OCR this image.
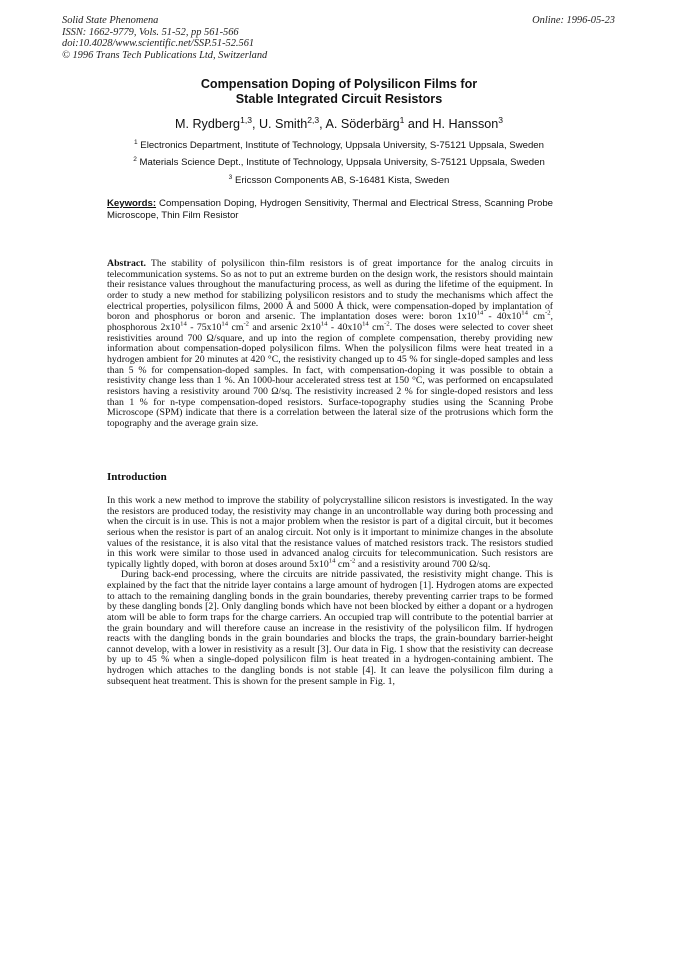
Solid State Phenomena
ISSN: 1662-9779, Vols. 51-52, pp 561-566
doi:10.4028/www.scientific.net/SSP.51-52.561
© 1996 Trans Tech Publications Ltd, Switzerland
Online: 1996-05-23
Compensation Doping of Polysilicon Films for
Stable Integrated Circuit Resistors
M. Rydberg$^{1,3}$, U. Smith$^{2,3}$, A. Söderbärg$^1$ and H. Hansson$^3$
$^1$ Electronics Department, Institute of Technology, Uppsala University, S-75121 Uppsala, Sweden
$^2$ Materials Science Dept., Institute of Technology, Uppsala University, S-75121 Uppsala, Sweden
$^3$ Ericsson Components AB, S-16481 Kista, Sweden
Keywords: Compensation Doping, Hydrogen Sensitivity, Thermal and Electrical Stress, Scanning Probe Microscope, Thin Film Resistor
Abstract. The stability of polysilicon thin-film resistors is of great importance for the analog circuits in telecommunication systems. So as not to put an extreme burden on the design work, the resistors should maintain their resistance values throughout the manufacturing process, as well as during the lifetime of the equipment. In order to study a new method for stabilizing polysilicon resistors and to study the mechanisms which affect the electrical properties, polysilicon films, 2000 Å and 5000 Å thick, were compensation-doped by implantation of boron and phosphorus or boron and arsenic. The implantation doses were: boron $1x10^{14} - 40x10^{14}$ $cm^{-2}$, phosphorous $2x10^{14} - 75x10^{14}$ $cm^{-2}$ and arsenic $2x10^{14} - 40x10^{14}$ $cm^{-2}$. The doses were selected to cover sheet resistivities around 700 Ω/square, and up into the region of complete compensation, thereby providing new information about compensation-doped polysilicon films. When the polysilicon films were heat treated in a hydrogen ambient for 20 minutes at 420 °C, the resistivity changed up to 45 % for single-doped samples and less than 5 % for compensation-doped samples. In fact, with compensation-doping it was possible to obtain a resistivity change less than 1 %. An 1000-hour accelerated stress test at 150 °C, was performed on encapsulated resistors having a resistivity around 700 Ω/sq. The resistivity increased 2 % for single-doped resistors and less than 1 % for n-type compensation-doped resistors. Surface-topography studies using the Scanning Probe Microscope (SPM) indicate that there is a correlation between the lateral size of the protrusions which form the topography and the average grain size.
Introduction

In this work a new method to improve the stability of polycrystalline silicon resistors is investigated. In the way the resistors are produced today, the resistivity may change in an uncontrollable way during both processing and when the circuit is in use. This is not a major problem when the resistor is part of a digital circuit, but it becomes serious when the resistor is part of an analog circuit. Not only is it important to minimize changes in the absolute values of the resistance, it is also vital that the resistance values of matched resistors track. The resistors studied in this work were similar to those used in advanced analog circuits for telecommunication. Such resistors are typically lightly doped, with boron at doses around $5x10^{14}$ $cm^{-2}$ and a resistivity around 700 Ω/sq.

During back-end processing, where the circuits are nitride passivated, the resistivity might change. This is explained by the fact that the nitride layer contains a large amount of hydrogen [1]. Hydrogen atoms are expected to attach to the remaining dangling bonds in the grain boundaries, thereby preventing carrier traps to be formed by these dangling bonds [2]. Only dangling bonds which have not been blocked by either a dopant or a hydrogen atom will be able to form traps for the charge carriers. An occupied trap will contribute to the potential barrier at the grain boundary and will therefore cause an increase in the resistivity of the polysilicon film. If hydrogen reacts with the dangling bonds in the grain boundaries and blocks the traps, the grain-boundary barrier-height cannot develop, with a lower in resistivity as a result [3]. Our data in Fig. 1 show that the resistivity can decrease by up to 45 % when a single-doped polysilicon film is heat treated in a hydrogen-containing ambient. The hydrogen which attaches to the dangling bonds is not stable [4]. It can leave the polysilicon film during a subsequent heat treatment. This is shown for the present sample in Fig. 1,
